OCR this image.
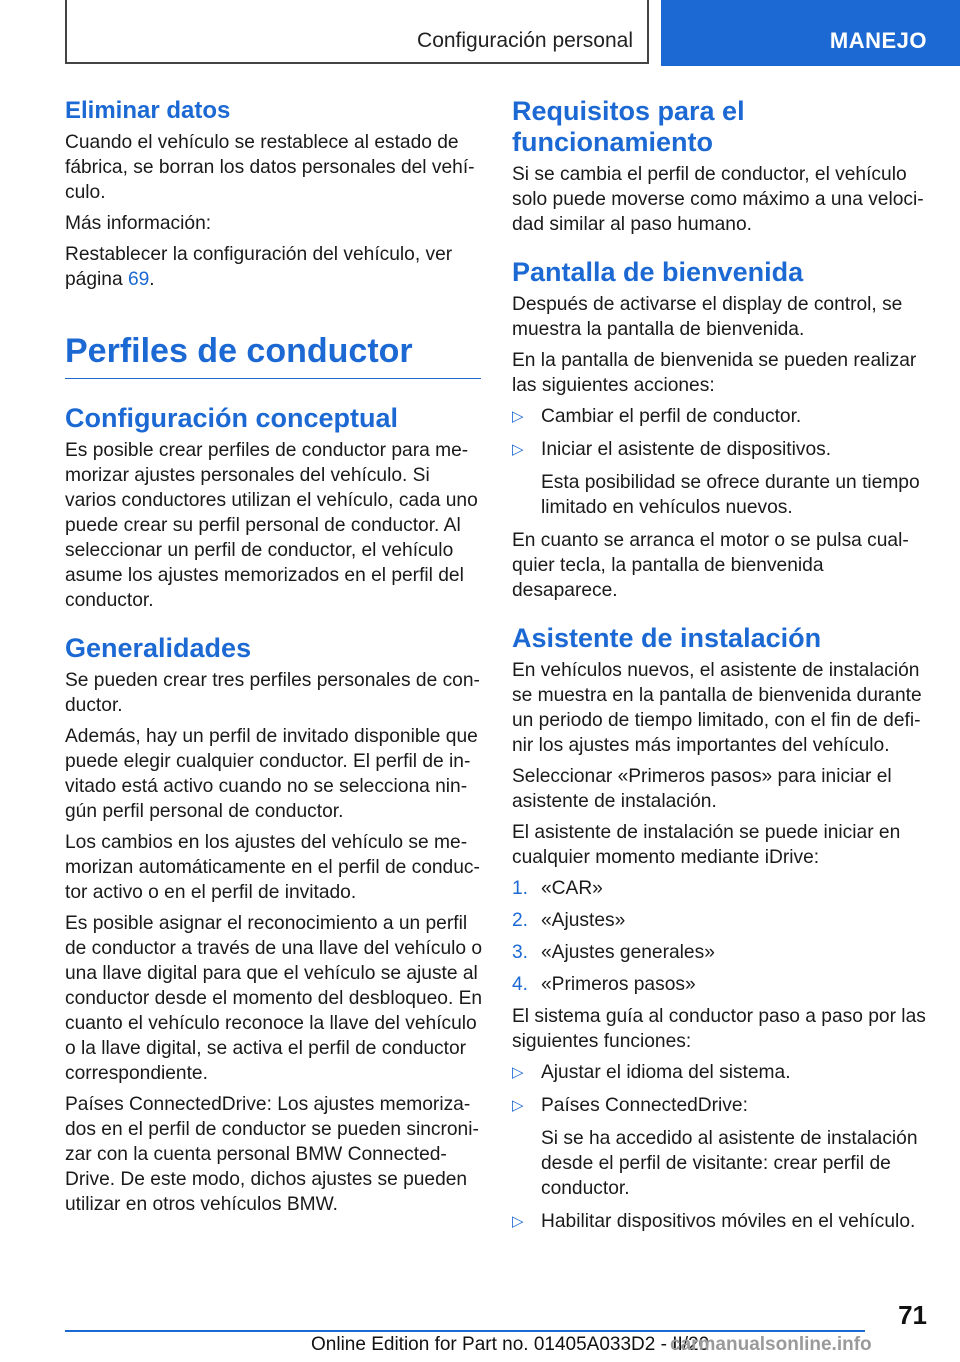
Configuración personal	MANEJO
Eliminar datos

Cuando el vehículo se restablece al estado de fábrica, se borran los datos personales del vehículo.

Más información:

Restablecer la configuración del vehículo, ver página 69.

Perfiles de conductor
Configuración conceptual

Es posible crear perfiles de conductor para memorizar ajustes personales del vehículo. Si varios conductores utilizan el vehículo, cada uno puede crear su perfil personal de conductor. Al seleccionar un perfil de conductor, el vehículo asume los ajustes memorizados en el perfil del conductor.

Generalidades

Se pueden crear tres perfiles personales de conductor.

Además, hay un perfil de invitado disponible que puede elegir cualquier conductor. El perfil de invitado está activo cuando no se selecciona ningún perfil personal de conductor.

Los cambios en los ajustes del vehículo se memorizan automáticamente en el perfil de conductor activo o en el perfil de invitado.

Es posible asignar el reconocimiento a un perfil de conductor a través de una llave del vehículo o una llave digital para que el vehículo se ajuste al conductor desde el momento del desbloqueo. En cuanto el vehículo reconoce la llave del vehículo o la llave digital, se activa el perfil de conductor correspondiente.

Países ConnectedDrive: Los ajustes memorizados en el perfil de conductor se pueden sincronizar con la cuenta personal BMW ConnectedDrive. De este modo, dichos ajustes se pueden utilizar en otros vehículos BMW.

Requisitos para el funcionamiento

Si se cambia el perfil de conductor, el vehículo solo puede moverse como máximo a una velocidad similar al paso humano.

Pantalla de bienvenida

Después de activarse el display de control, se muestra la pantalla de bienvenida.

En la pantalla de bienvenida se pueden realizar las siguientes acciones:

▷ Cambiar el perfil de conductor.
▷ Iniciar el asistente de dispositivos.
Esta posibilidad se ofrece durante un tiempo limitado en vehículos nuevos.

En cuanto se arranca el motor o se pulsa cualquier tecla, la pantalla de bienvenida desaparece.

Asistente de instalación

En vehículos nuevos, el asistente de instalación se muestra en la pantalla de bienvenida durante un periodo de tiempo limitado, con el fin de definir los ajustes más importantes del vehículo.

Seleccionar «Primeros pasos» para iniciar el asistente de instalación.

El asistente de instalación se puede iniciar en cualquier momento mediante iDrive:

1. «CAR»
2. «Ajustes»
3. «Ajustes generales»
4. «Primeros pasos»

El sistema guía al conductor paso a paso por las siguientes funciones:

▷ Ajustar el idioma del sistema.
▷ Países ConnectedDrive:
Si se ha accedido al asistente de instalación desde el perfil de visitante: crear perfil de conductor.
▷ Habilitar dispositivos móviles en el vehículo.
71
Online Edition for Part no. 01405A033D2 - II/20
carmanualsonline.info
